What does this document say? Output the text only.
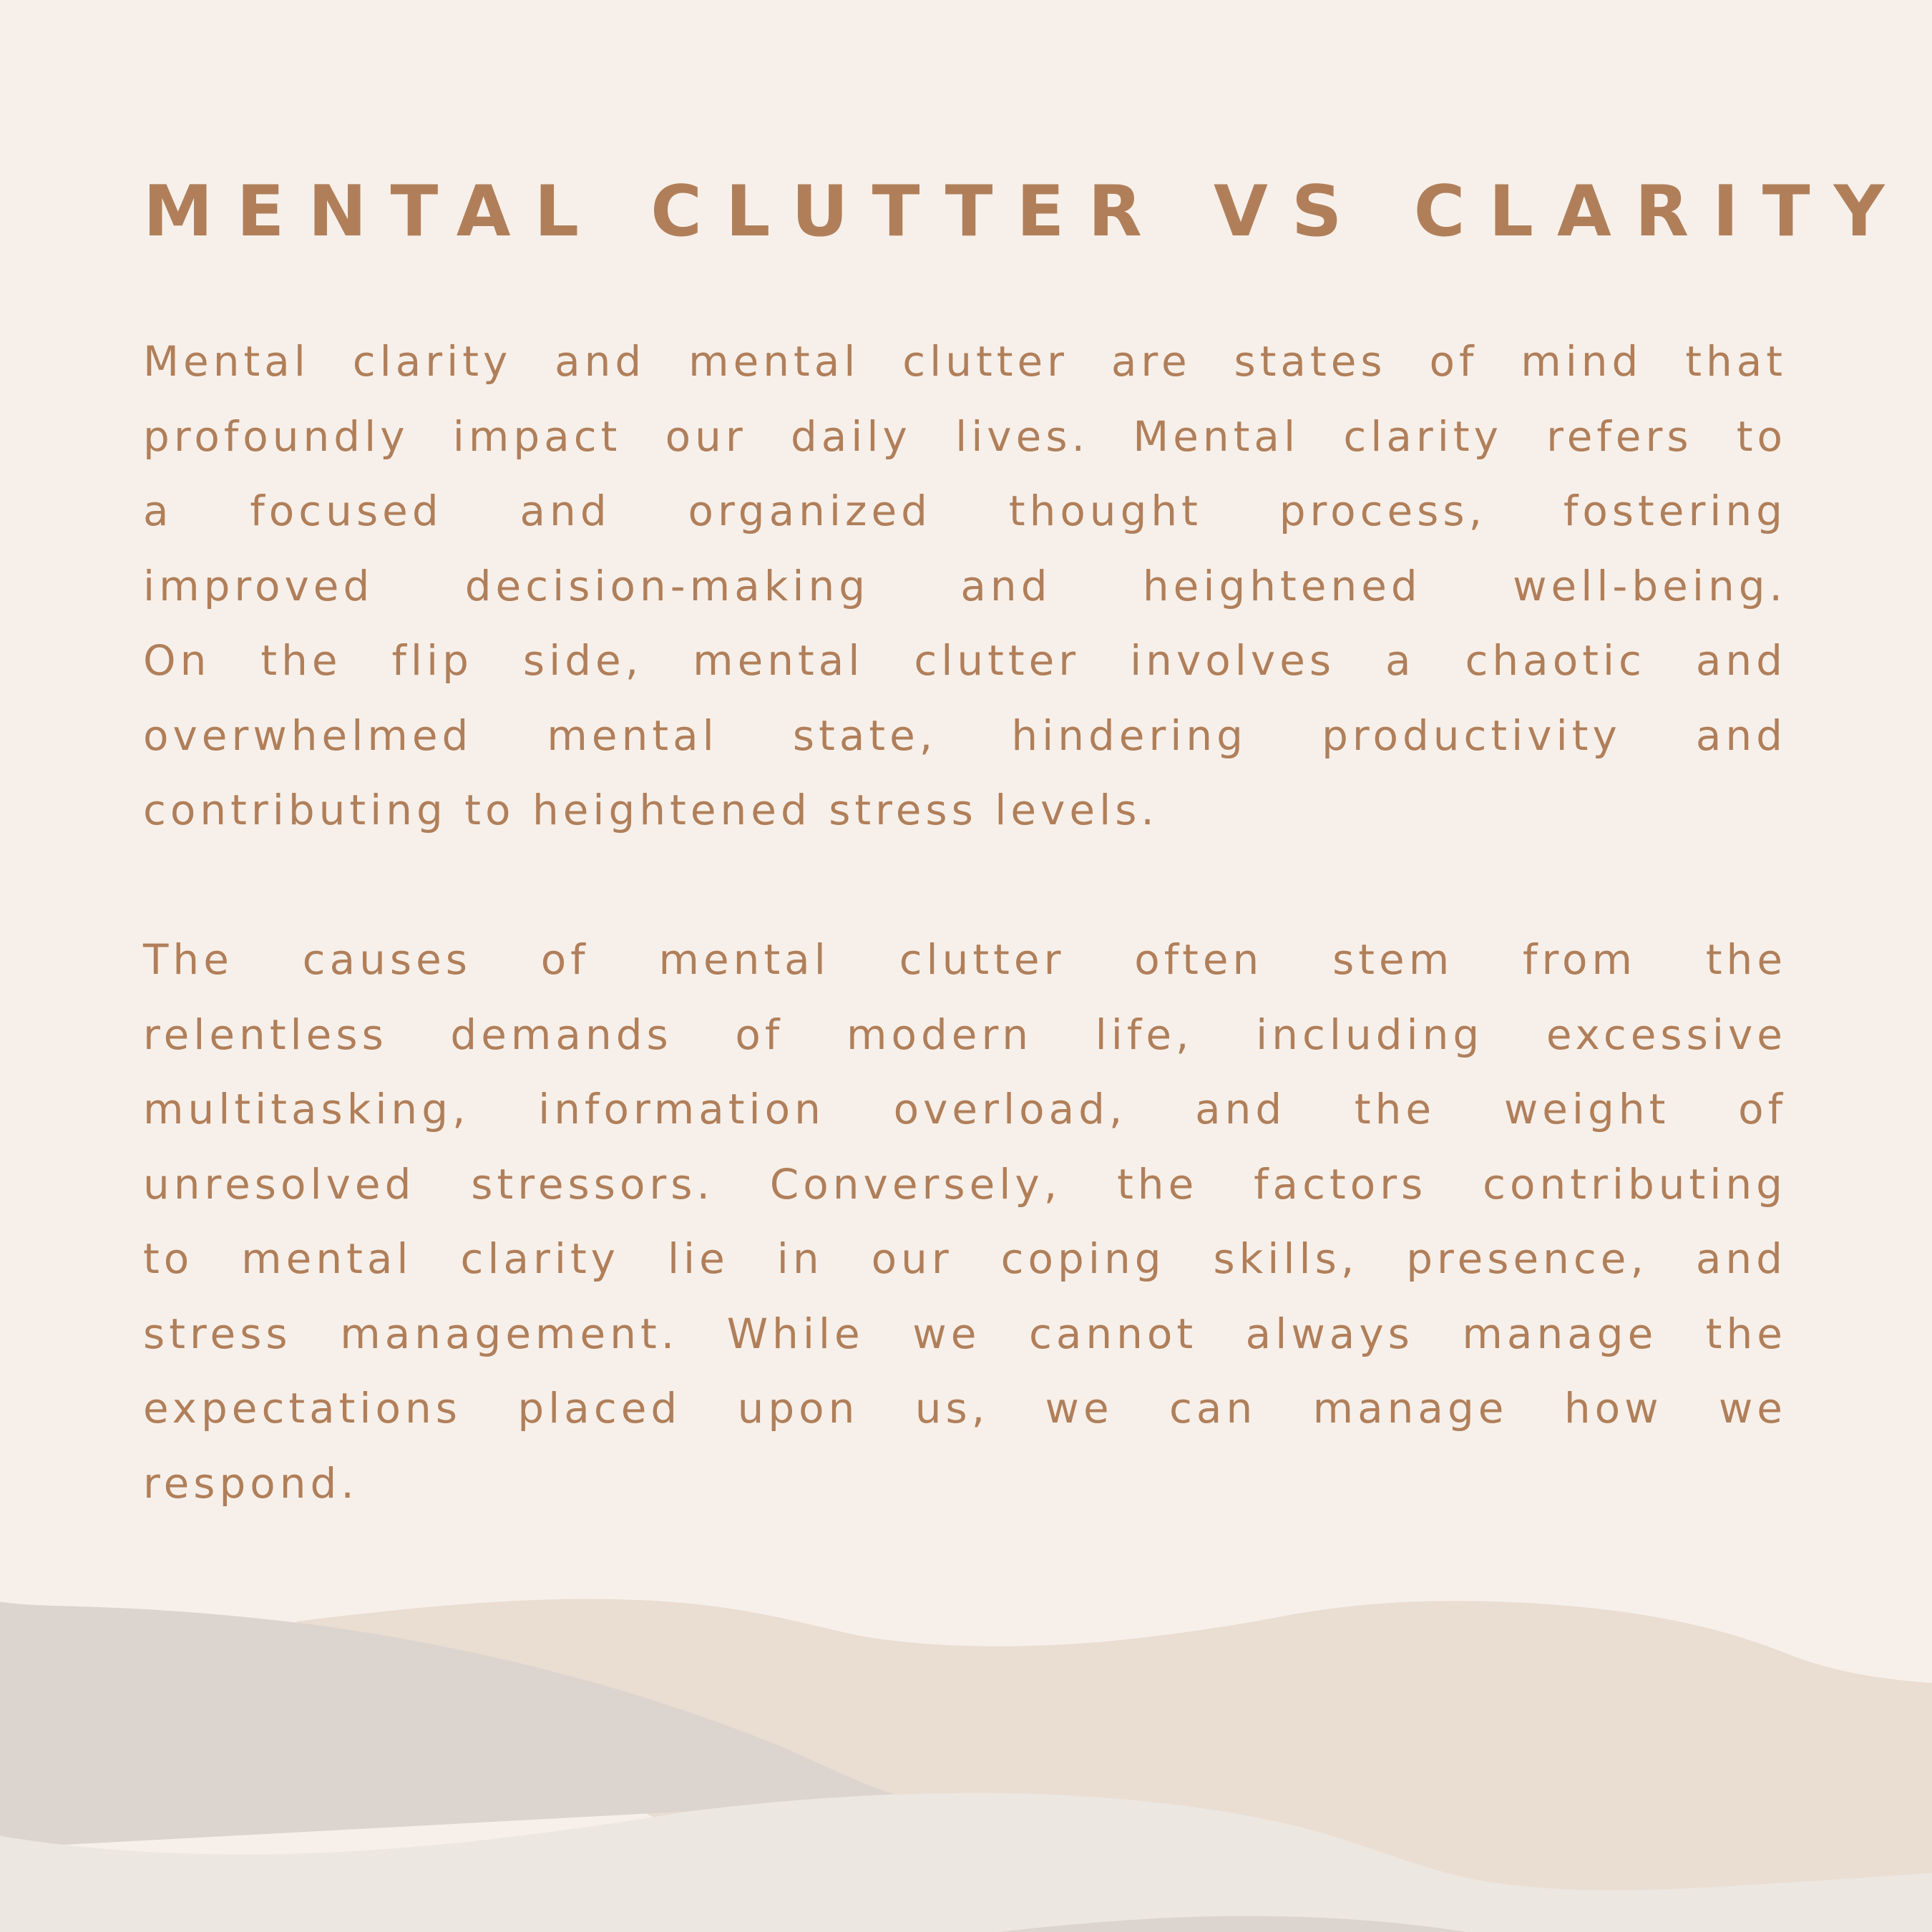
MENTAL CLUTTER VS CLARITY
Mental clarity and mental clutter are states of mind that
profoundly impact our daily lives. Mental clarity refers to
a focused and organized thought process, fostering
improved decision-making and heightened well-being.
On the flip side, mental clutter involves a chaotic and
overwhelmed mental state, hindering productivity and
contributing to heightened stress levels.
The causes of mental clutter often stem from the
relentless demands of modern life, including excessive
multitasking, information overload, and the weight of
unresolved stressors. Conversely, the factors contributing
to mental clarity lie in our coping skills, presence, and
stress management. While we cannot always manage the
expectations placed upon us, we can manage how we
respond.
